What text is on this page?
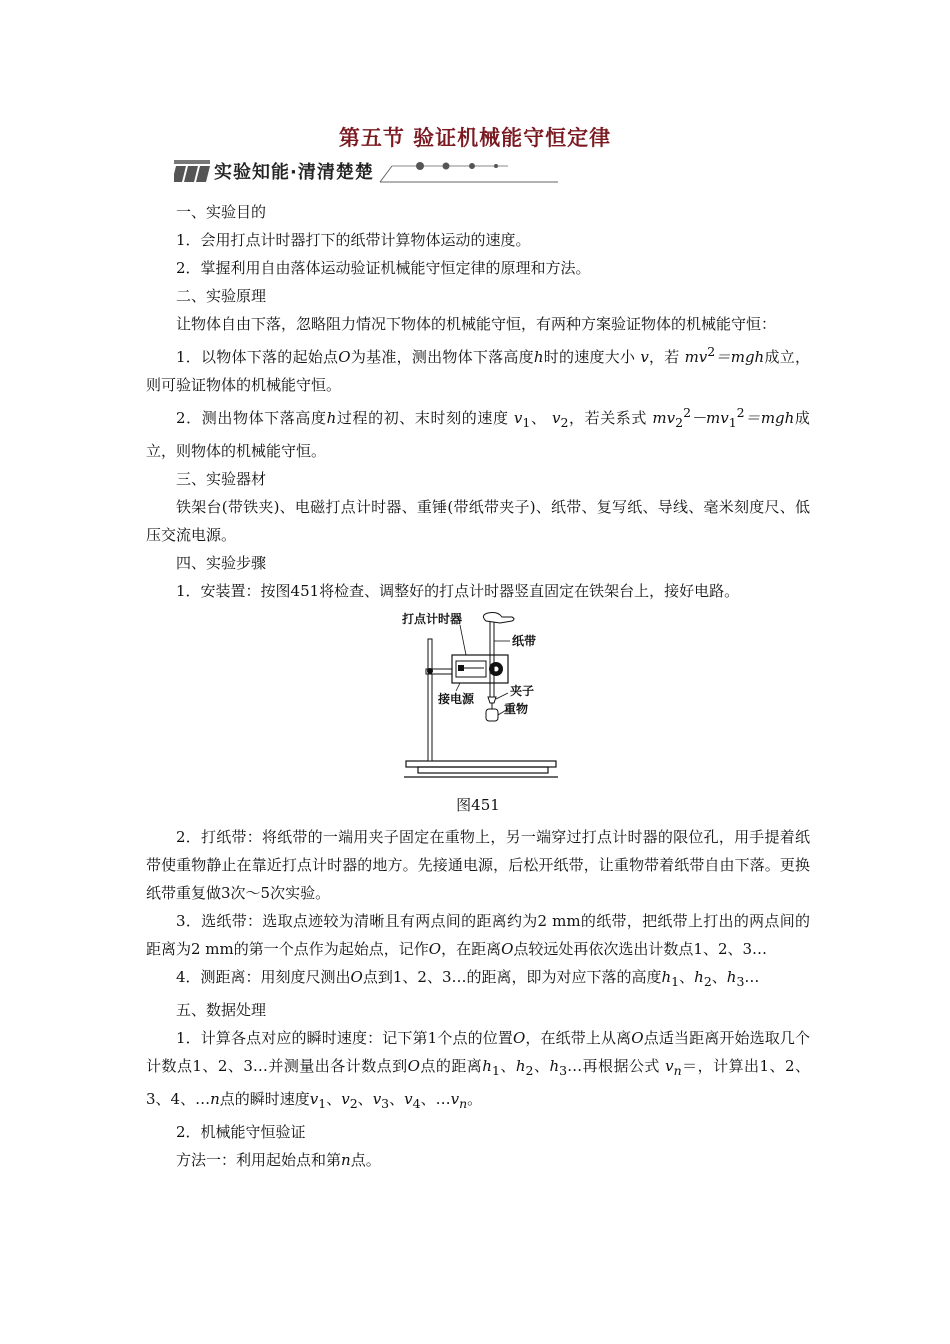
第五节 验证机械能守恒定律
实验知能·清清楚楚

一、实验目的

1．会用打点计时器打下的纸带计算物体运动的速度。

2．掌握利用自由落体运动验证机械能守恒定律的原理和方法。

二、实验原理

让物体自由下落，忽略阻力情况下物体的机械能守恒，有两种方案验证物体的机械能守恒：

1．以物体下落的起始点O为基准，测出物体下落高度h时的速度大小 v，若 $mv^2=mgh$成立，则可验证物体的机械能守恒。

2．测出物体下落高度h过程的初、末时刻的速度 $v_1$、 $v_2$，若关系式 $mv_2^2-mv_1^2=mgh$成立，则物体的机械能守恒。

三、实验器材

铁架台(带铁夹)、电磁打点计时器、重锤(带纸带夹子)、纸带、复写纸、导线、毫米刻度尺、低压交流电源。

四、实验步骤

1．安装置：按图451将检查、调整好的打点计时器竖直固定在铁架台上，接好电路。

打点计时器
纸带
接电源
夹子
重物
图451

2．打纸带：将纸带的一端用夹子固定在重物上，另一端穿过打点计时器的限位孔，用手提着纸带使重物静止在靠近打点计时器的地方。先接通电源，后松开纸带，让重物带着纸带自由下落。更换纸带重复做3次～5次实验。

3．选纸带：选取点迹较为清晰且有两点间的距离约为2 mm的纸带，把纸带上打出的两点间的距离为2 mm的第一个点作为起始点，记作O，在距离O点较远处再依次选出计数点1、2、3…

4．测距离：用刻度尺测出O点到1、2、3…的距离，即为对应下落的高度$h_1$、$h_2$、$h_3\dots$

五、数据处理

1．计算各点对应的瞬时速度：记下第1个点的位置O，在纸带上从离O点适当距离开始选取几个计数点1、2、3…并测量出各计数点到O点的距离$h_1$、$h_2$、$h_3\dots$再根据公式 $v_n=$，计算出1、2、3、4、…n点的瞬时速度$v_1$、$v_2$、$v_3$、$v_4$、$\dots v_n$。

2．机械能守恒验证

方法一：利用起始点和第n点。
